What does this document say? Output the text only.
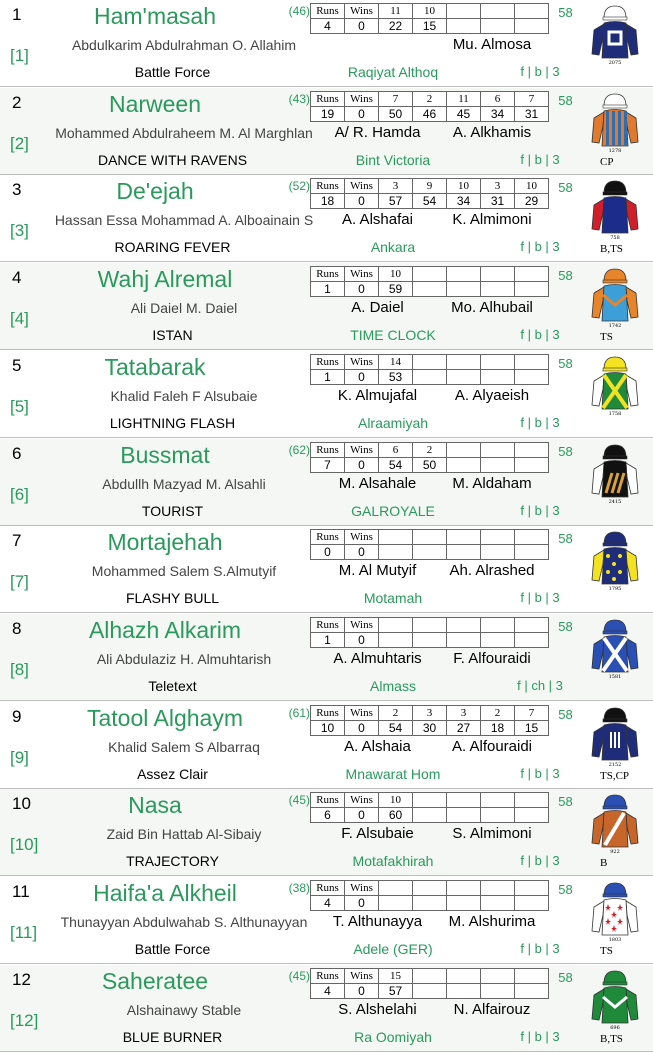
1
[1]
Ham'masah	(46)
Abdulkarim Abdulrahman O. Allahim	Mu. Almosa
Battle Force	Raqiyat Althoq	f | b | 3
58
Runs	Wins	11	10			
4	0	22	15			
2075
2
[2]
Narween	(43)
Mohammed Abdulraheem M. Al Marghlan	A/ R. Hamda	A. Alkhamis
DANCE WITH RAVENS	Bint Victoria	f | b | 3
58
Runs	Wins	7	2	11	6	7
19	0	50	46	45	34	31
1278
CP
3
[3]
De'ejah	(52)
Hassan Essa Mohammad A. Alboainain S	A. Alshafai	K. Almimoni
ROARING FEVER	Ankara	f | b | 3
58
Runs	Wins	3	9	10	3	10
18	0	57	54	34	31	29
758
B,TS
4
[4]
Wahj Alremal
Ali Daiel M. Daiel	A. Daiel	Mo. Alhubail
ISTAN	TIME CLOCK	f | b | 3
58
Runs	Wins	10				
1	0	59				
1742
TS
5
[5]
Tatabarak
Khalid Faleh F Alsubaie	K. Almujafal	A. Alyaeish
LIGHTNING FLASH	Alraamiyah	f | b | 3
58
Runs	Wins	14				
1	0	53				
1758
6
[6]
Bussmat	(62)
Abdullh Mazyad M. Alsahli	M. Alsahale	M. Aldaham
TOURIST	GALROYALE	f | b | 3
58
Runs	Wins	6	2			
7	0	54	50			
2415
7
[7]
Mortajehah
Mohammed Salem S.Almutyif	M. Al Mutyif	Ah. Alrashed
FLASHY BULL	Motamah	f | b | 3
58
Runs	Wins					
0	0					
1795
8
[8]
Alhazh Alkarim
Ali Abdulaziz H. Almuhtarish	A. Almuhtaris	F. Alfouraidi
Teletext	Almass	f | ch | 3
58
Runs	Wins					
1	0					
1581
9
[9]
Tatool Alghaym	(61)
Khalid Salem S Albarraq	A. Alshaia	A. Alfouraidi
Assez Clair	Mnawarat Hom	f | b | 3
58
Runs	Wins	2	3	3	2	7
10	0	54	30	27	18	15
2152
TS,CP
10
[10]
Nasa	(45)
Zaid Bin Hattab Al-Sibaiy	F. Alsubaie	S. Almimoni
TRAJECTORY	Motafakhirah	f | b | 3
58
Runs	Wins	10				
6	0	60				
922
B
11
[11]
Haifa'a Alkheil	(38)
Thunayyan Abdulwahab S. Althunayyan	T. Althunayya	M. Alshurima
Battle Force	Adele (GER)	f | b | 3
58
Runs	Wins					
4	0					
1803
TS
12
[12]
Saheratee	(45)
Alshainawy Stable	S. Alshelahi	N. Alfairouz
BLUE BURNER	Ra Oomiyah	f | b | 3
58
Runs	Wins	15				
4	0	57				
696
B,TS
